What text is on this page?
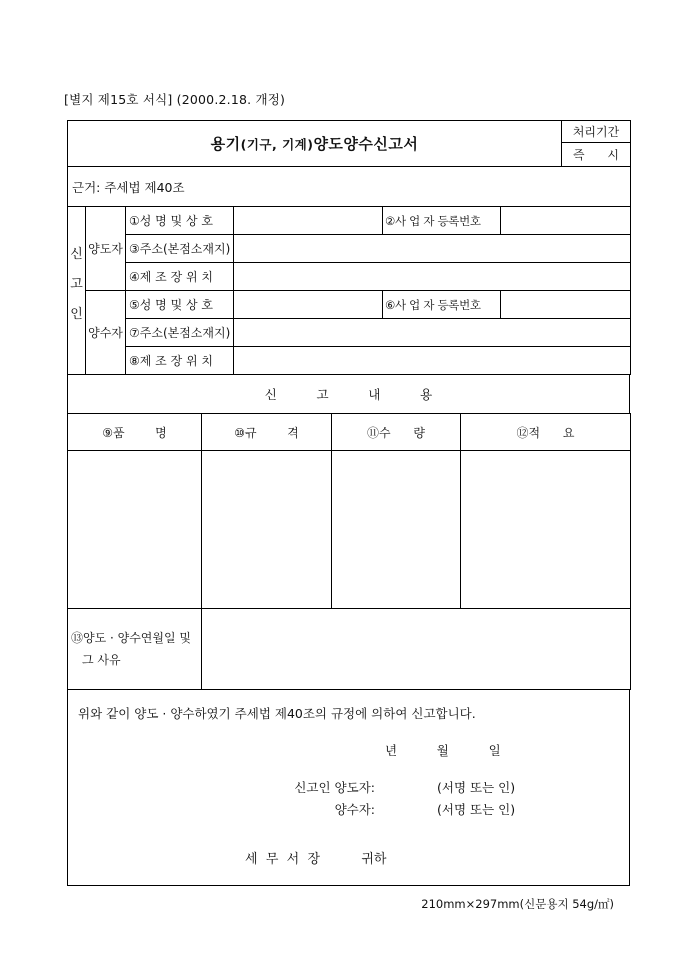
[별지 제15호 서식] (2000.2.18. 개정)
용기(기구, 기계)양도양수신고서	처리기간
즉      시
근거: 주세법 제40조
신
고
인	양도자	①성 명 및 상 호		②사 업 자 등록번호	
		③주소(본점소재지)			
		④제 조 장 위 치			
	양수자	⑤성 명 및 상 호		⑥사 업 자 등록번호	
		⑦주소(본점소재지)			
		⑧제 조 장 위 치			
신          고          내          용
⑨품        명	⑩규        격	⑪수      량	⑫적      요

⑬양도 · 양수연월일 및
그 사유			

위와 같이 양도 · 양수하였기 주세법 제40조의 규정에 의하여 신고합니다.
년          월          일
신고인 양도자:	(서명 또는 인)
양수자:	(서명 또는 인)
세  무  서  장          귀하
210mm×297mm(신문용지 54g/㎡)
